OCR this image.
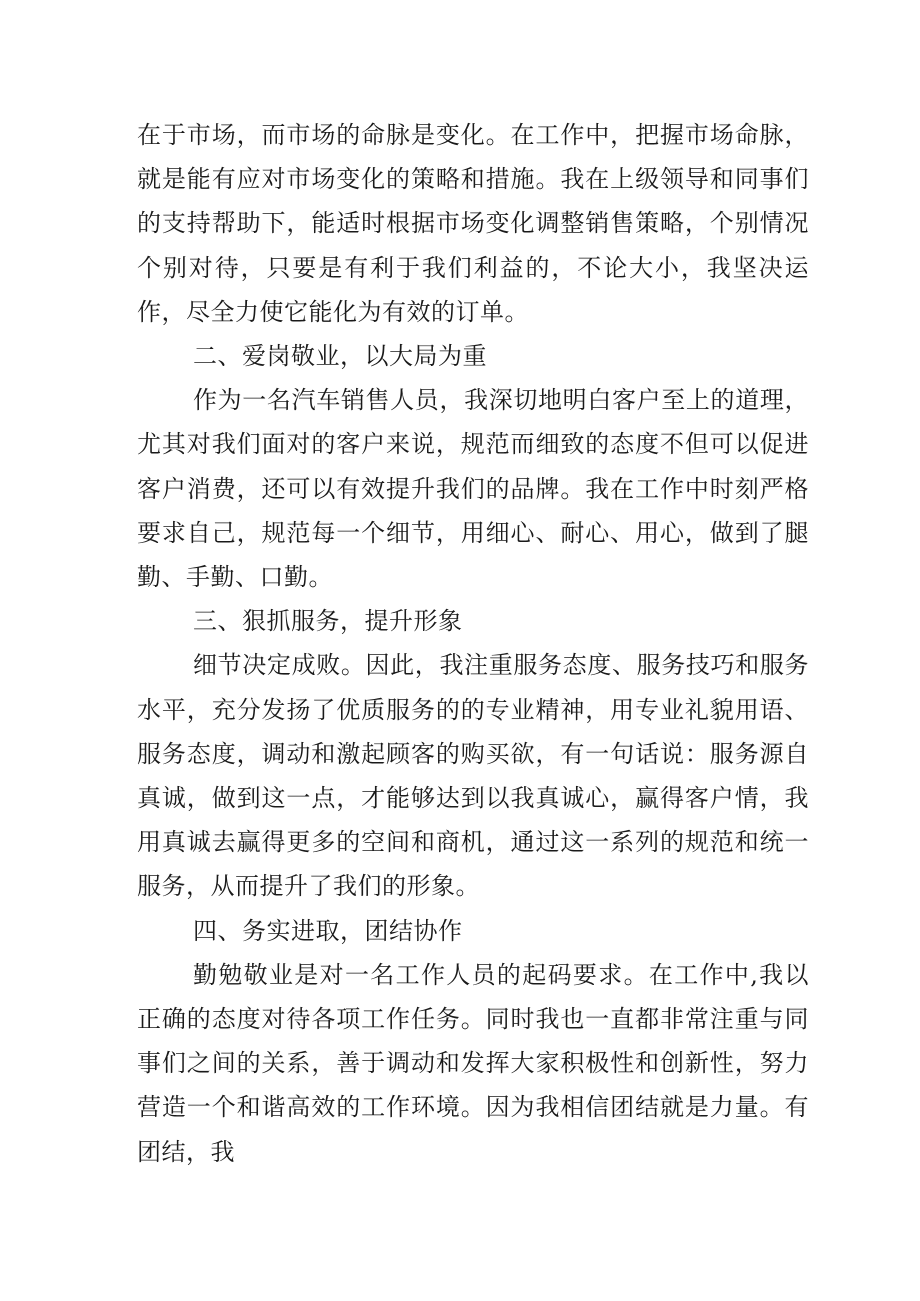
在于市场，而市场的命脉是变化。在工作中，把握市场命脉，就是能有应对市场变化的策略和措施。我在上级领导和同事们的支持帮助下，能适时根据市场变化调整销售策略，个别情况个别对待，只要是有利于我们利益的，不论大小，我坚决运作，尽全力使它能化为有效的订单。

二、爱岗敬业，以大局为重

作为一名汽车销售人员，我深切地明白客户至上的道理，尤其对我们面对的客户来说，规范而细致的态度不但可以促进客户消费，还可以有效提升我们的品牌。我在工作中时刻严格要求自己，规范每一个细节，用细心、耐心、用心，做到了腿勤、手勤、口勤。

三、狠抓服务，提升形象

细节决定成败。因此，我注重服务态度、服务技巧和服务水平，充分发扬了优质服务的的专业精神，用专业礼貌用语、服务态度，调动和激起顾客的购买欲，有一句话说：服务源自真诚，做到这一点，才能够达到以我真诚心，赢得客户情，我用真诚去赢得更多的空间和商机，通过这一系列的规范和统一服务，从而提升了我们的形象。

四、务实进取，团结协作

勤勉敬业是对一名工作人员的起码要求。在工作中,我以正确的态度对待各项工作任务。同时我也一直都非常注重与同事们之间的关系，善于调动和发挥大家积极性和创新性，努力营造一个和谐高效的工作环境。因为我相信团结就是力量。有团结，我
